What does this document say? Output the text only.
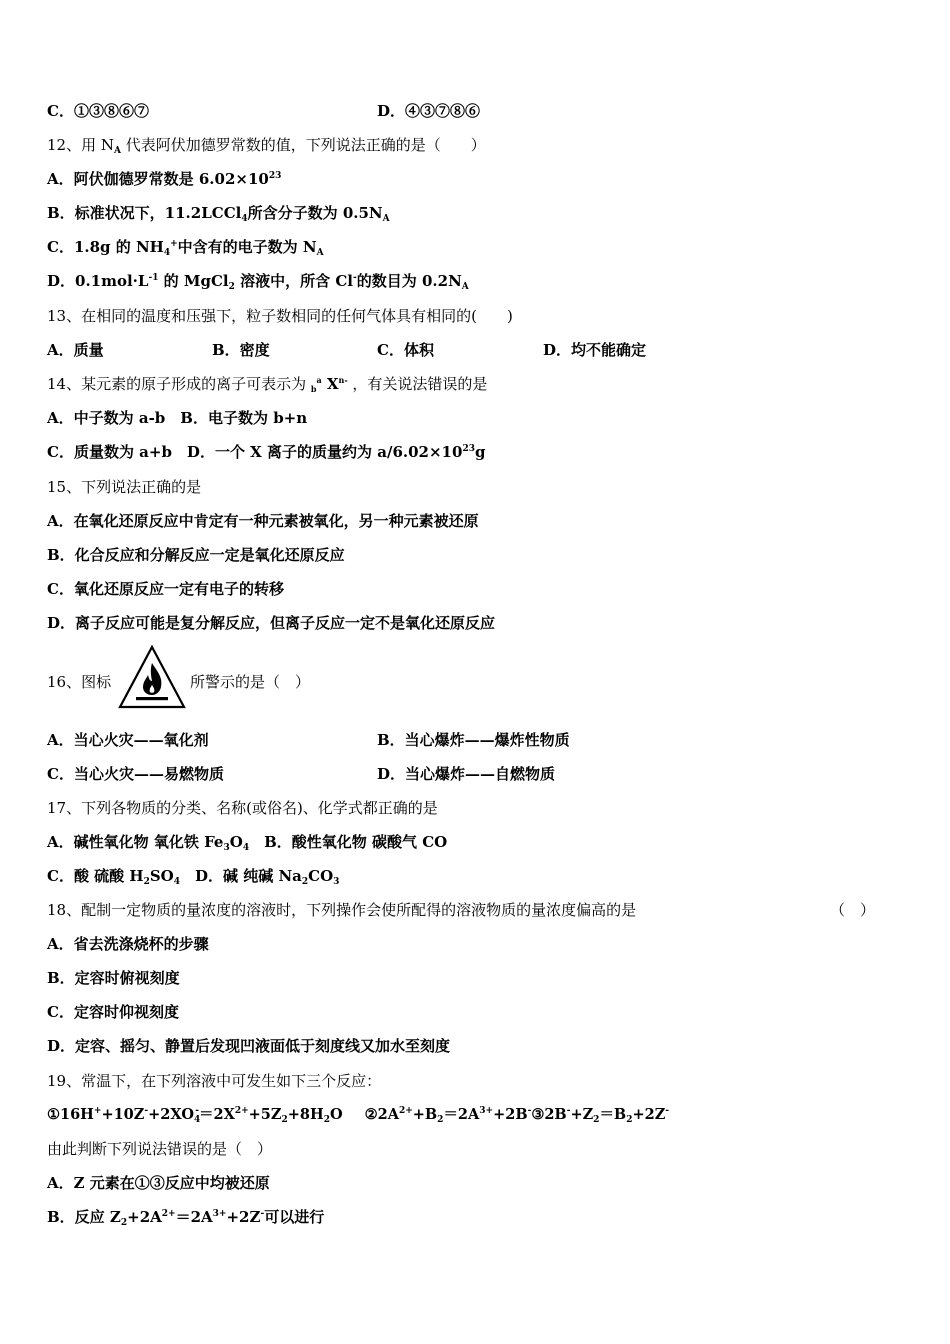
C．①③⑧⑥⑦	D．④③⑦⑧⑥
12、用 $N_A$ 代表阿伏加德罗常数的值，下列说法正确的是（　　）
A．阿伏伽德罗常数是 $6.02\times 10^{23}$
B．标准状况下，11.2LCCl$_4$所含分子数为 $0.5N_A$
C．1.8g 的 $NH_4^+$中含有的电子数为 $N_A$
D．$0.1mol\cdot L^{-1}$ 的 MgCl$_2$ 溶液中，所含 Cl-的数目为 $0.2N_A$
13、在相同的温度和压强下，粒子数相同的任何气体具有相同的(　　)
A．质量	B．密度	C．体积	D．均不能确定
14、某元素的原子形成的离子可表示为 $_b^a$ $X^{n-}$ ，有关说法错误的是
A．中子数为 a-b　B．电子数为 b+n
C．质量数为 a+b　D．一个 X 离子的质量约为 $a/6.02\times 10^{23}g$
15、下列说法正确的是
A．在氧化还原反应中肯定有一种元素被氧化，另一种元素被还原
B．化合反应和分解反应一定是氧化还原反应
C．氧化还原反应一定有电子的转移
D．离子反应可能是复分解反应，但离子反应一定不是氧化还原反应
16、图标	所警示的是（　）
A．当心火灾——氧化剂	B．当心爆炸——爆炸性物质
C．当心火灾——易燃物质	D．当心爆炸——自燃物质
17、下列各物质的分类、名称(或俗名)、化学式都正确的是
A．碱性氧化物 氧化铁 $Fe_3O_4$　B．酸性氧化物 碳酸气 CO
C．酸 硫酸 $H_2SO_4$　D．碱 纯碱 $Na_2CO_3$
18、配制一定物质的量浓度的溶液时，下列操作会使所配得的溶液物质的量浓度偏高的是	（　）
A．省去洗涤烧杯的步骤
B．定容时俯视刻度
C．定容时仰视刻度
D．定容、摇匀、静置后发现凹液面低于刻度线又加水至刻度
19、常温下，在下列溶液中可发生如下三个反应：
$①16H^++10Z^-+2XO_4^-=2X^{2+}+5Z_2+8H_2O$ $②2A^{2+}+B_2=2A^{3+}+2B^-③2B^-+Z_2=B_2+2Z^-$
由此判断下列说法错误的是（　）
A．Z 元素在①③反应中均被还原
B．反应 $Z_2+2A^{2+}=2A^{3+}+2Z^-$可以进行
